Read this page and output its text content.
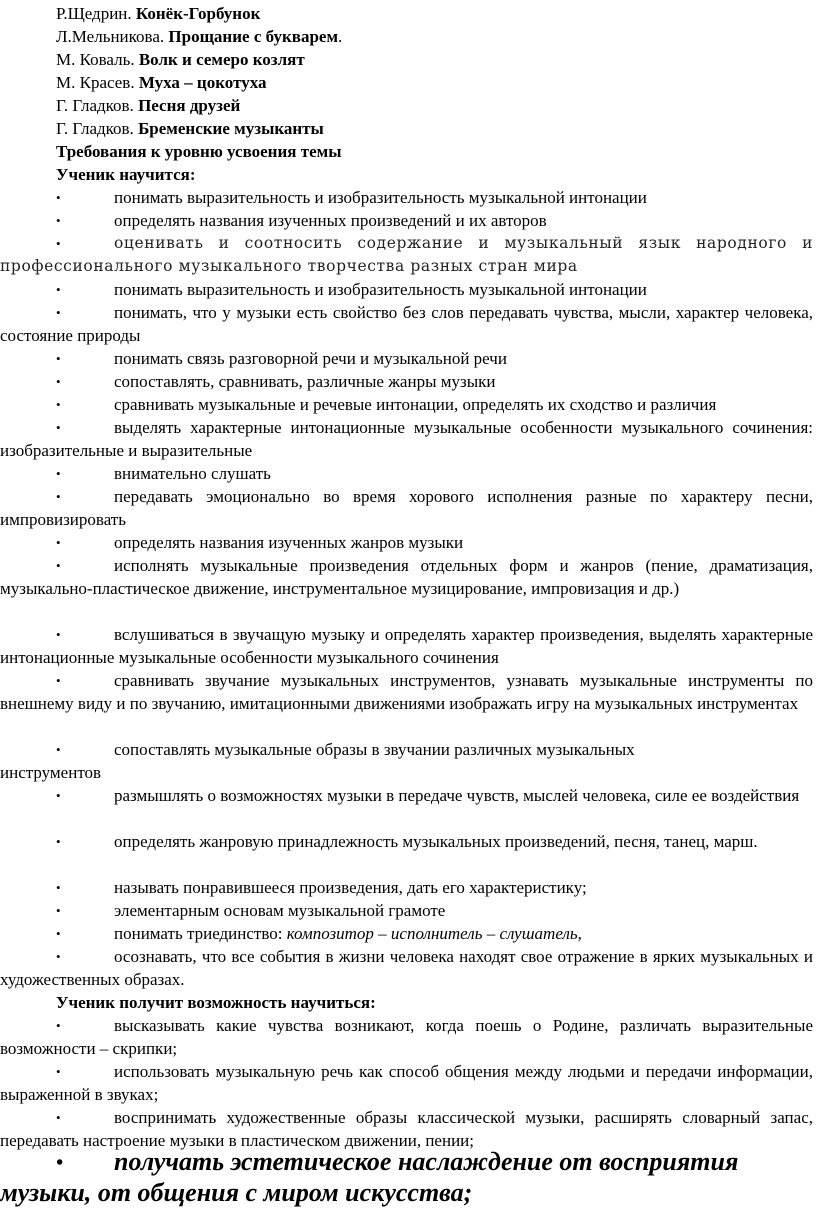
Р.Щедрин. Конёк-Горбунок
Л.Мельникова. Прощание с букварем.
М. Коваль. Волк и семеро козлят
М. Красев. Муха – цокотуха
Г. Гладков. Песня друзей
Г. Гладков. Бременские музыканты
Требования к уровню усвоения темы
Ученик научится:
•	понимать выразительность и изобразительность музыкальной интонации
•	определять названия изученных произведений и их авторов
•	оценивать и соотносить содержание и музыкальный язык народного и профессионального музыкального творчества разных стран мира
•	понимать выразительность и изобразительность музыкальной интонации
•	понимать, что у музыки есть свойство без слов передавать чувства, мысли, характер человека, состояние природы
•	понимать связь разговорной речи и музыкальной речи
•	сопоставлять, сравнивать, различные жанры музыки
•	сравнивать музыкальные и речевые интонации, определять их сходство и различия
•	выделять характерные интонационные музыкальные особенности музыкального сочинения: изобразительные и выразительные
•	внимательно слушать
•	передавать эмоционально во время хорового исполнения разные по характеру песни, импровизировать
•	определять названия изученных жанров музыки
•	исполнять музыкальные произведения отдельных форм и жанров (пение, драматизация, музыкально-пластическое движение, инструментальное музицирование, импровизация и др.)
•	вслушиваться в звучащую музыку и определять характер произведения, выделять характерные интонационные музыкальные особенности музыкального сочинения
•	сравнивать звучание музыкальных инструментов, узнавать музыкальные инструменты по внешнему виду и по звучанию, имитационными движениями изображать игру на музыкальных инструментах
•	сопоставлять музыкальные образы в звучании различных музыкальных инструментов
•	размышлять о возможностях музыки в передаче чувств, мыслей человека, силе ее воздействия
•	определять жанровую принадлежность музыкальных произведений, песня, танец, марш.
•	называть понравившееся произведения, дать его характеристику;
•	элементарным основам музыкальной грамоте
•	понимать триединство: композитор – исполнитель – слушатель,
•	осознавать, что все события в жизни человека находят свое отражение в ярких музыкальных и художественных образах.
Ученик получит возможность научиться:
•	высказывать какие чувства возникают, когда поешь о Родине, различать выразительные возможности – скрипки;
•	использовать музыкальную речь как способ общения между людьми и передачи информации, выраженной в звуках;
•	воспринимать художественные образы классической музыки, расширять словарный запас, передавать настроение музыки в пластическом движении, пении;
•	получать эстетическое наслаждение от восприятия музыки, от общения с миром искусства;
